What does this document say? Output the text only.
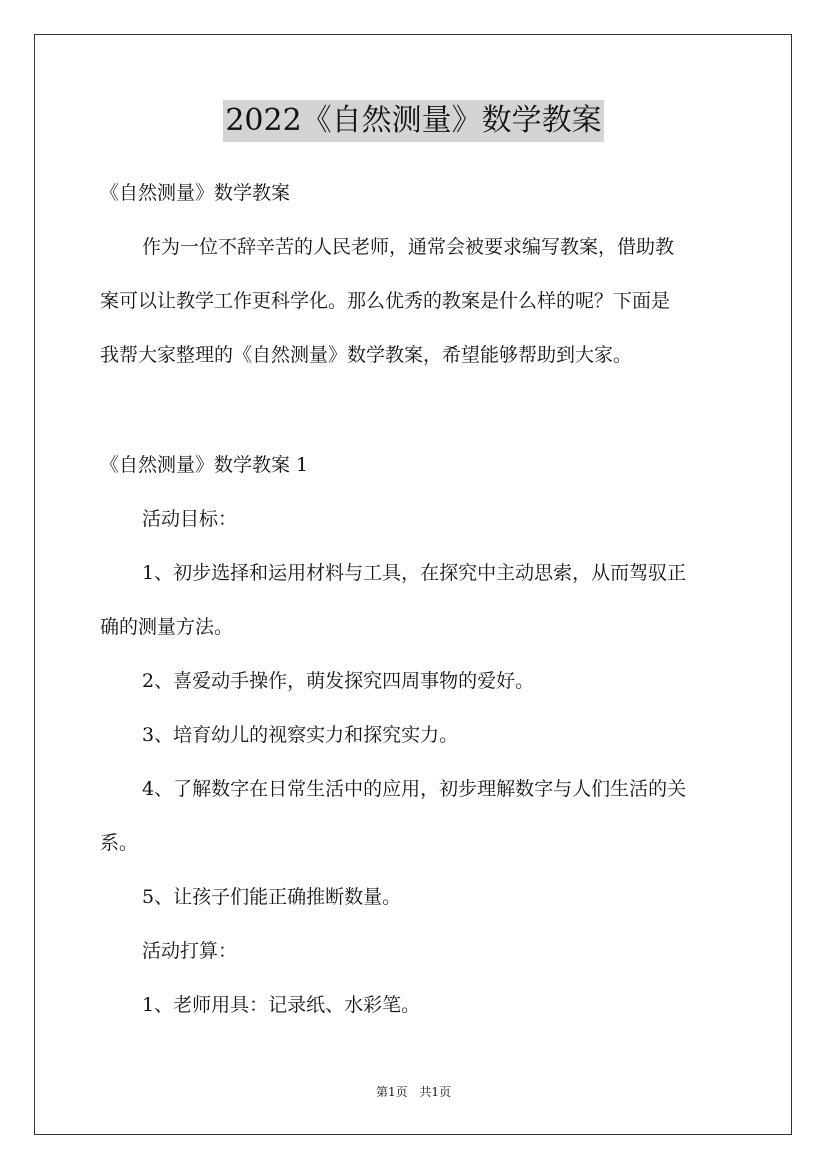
2022《自然测量》数学教案
《自然测量》数学教案
作为一位不辞辛苦的人民老师，通常会被要求编写教案，借助教
案可以让教学工作更科学化。那么优秀的教案是什么样的呢？下面是
我帮大家整理的《自然测量》数学教案，希望能够帮助到大家。
《自然测量》数学教案 1
活动目标：
1、初步选择和运用材料与工具，在探究中主动思索，从而驾驭正
确的测量方法。
2、喜爱动手操作，萌发探究四周事物的爱好。
3、培育幼儿的视察实力和探究实力。
4、了解数字在日常生活中的应用，初步理解数字与人们生活的关
系。
5、让孩子们能正确推断数量。
活动打算：
1、老师用具：记录纸、水彩笔。
第1页 共1页
